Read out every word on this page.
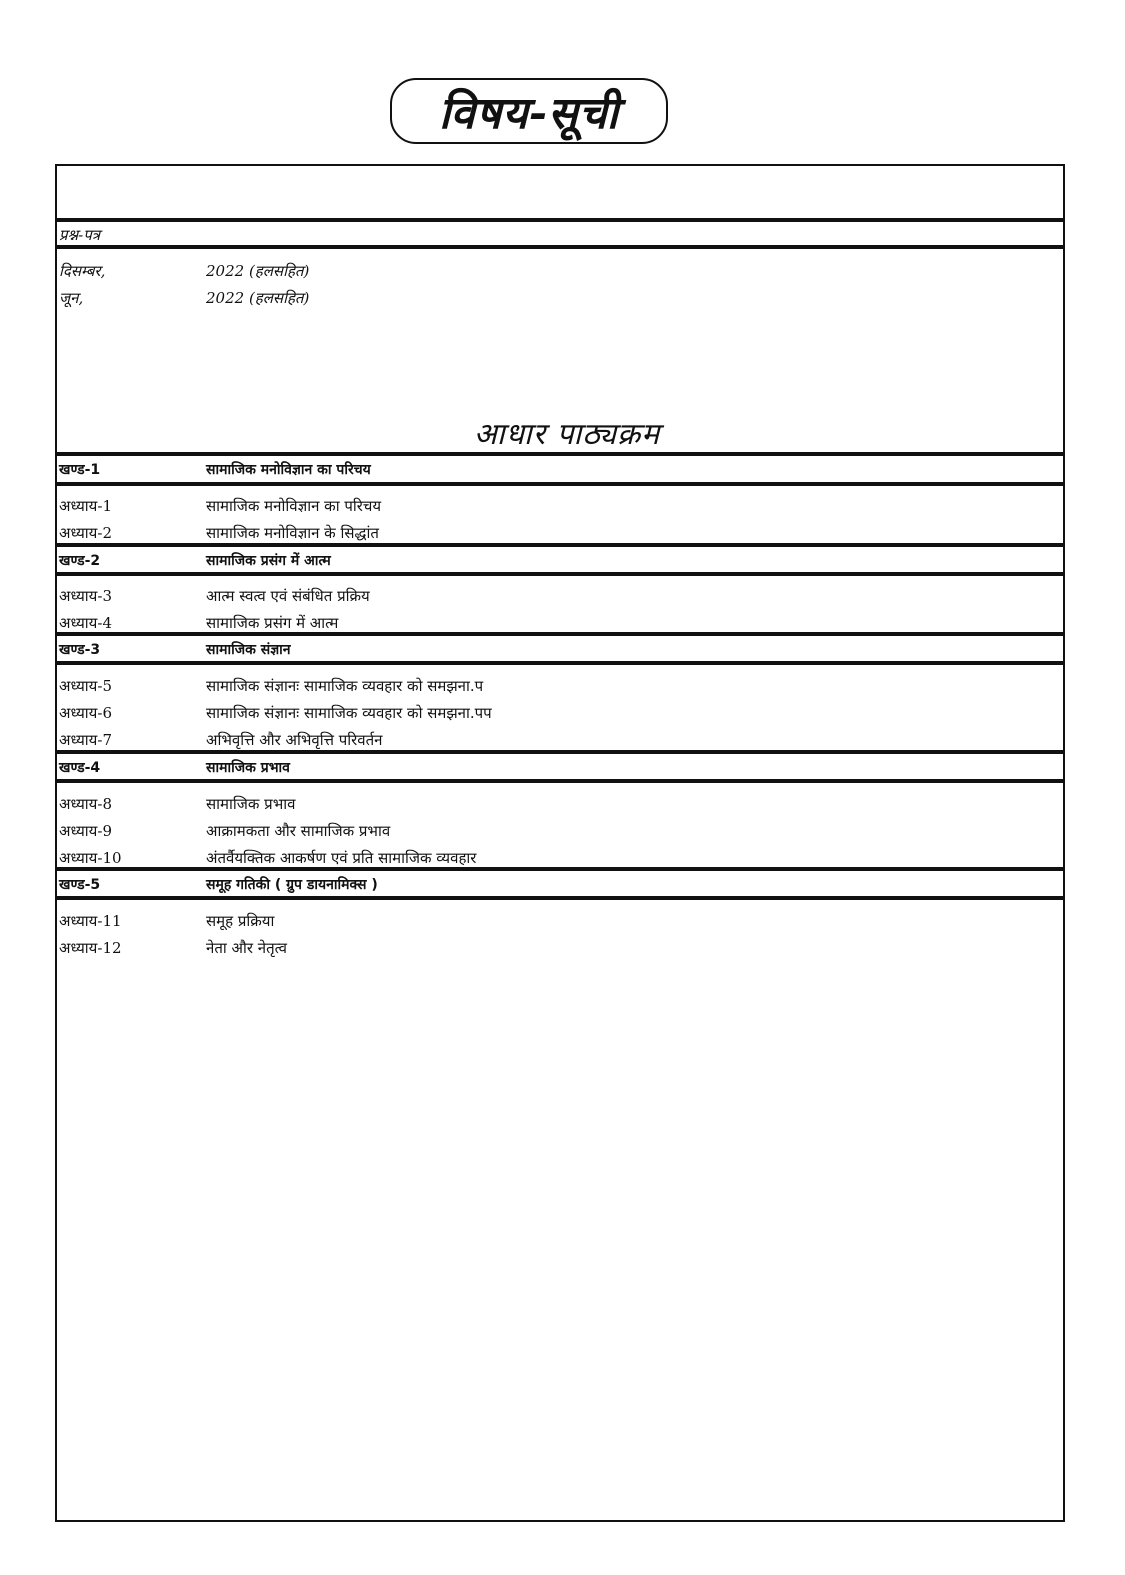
विषय-सूची
प्रश्न-पत्र
दिसम्बर,	2022 (हलसहित)
जून,	2022 (हलसहित)
आधार पाठ्यक्रम
खण्ड-1	सामाजिक मनोविज्ञान का परिचय
अध्याय-1	सामाजिक मनोविज्ञान का परिचय
अध्याय-2	सामाजिक मनोविज्ञान के सिद्धांत
खण्ड-2	सामाजिक प्रसंग में आत्म
अध्याय-3	आत्म स्वत्व एवं संबंधित प्रक्रिय
अध्याय-4	सामाजिक प्रसंग में आत्म
खण्ड-3	सामाजिक संज्ञान
अध्याय-5	सामाजिक संज्ञानः सामाजिक व्यवहार को समझना.प
अध्याय-6	सामाजिक संज्ञानः सामाजिक व्यवहार को समझना.पप
अध्याय-7	अभिवृत्ति और अभिवृत्ति परिवर्तन
खण्ड-4	सामाजिक प्रभाव
अध्याय-8	सामाजिक प्रभाव
अध्याय-9	आक्रामकता और सामाजिक प्रभाव
अध्याय-10	अंतर्वैयक्तिक आकर्षण एवं प्रति सामाजिक व्यवहार
खण्ड-5	समूह गतिकी ( ग्रुप डायनामिक्स )
अध्याय-11	समूह प्रक्रिया
अध्याय-12	नेता और नेतृत्व
